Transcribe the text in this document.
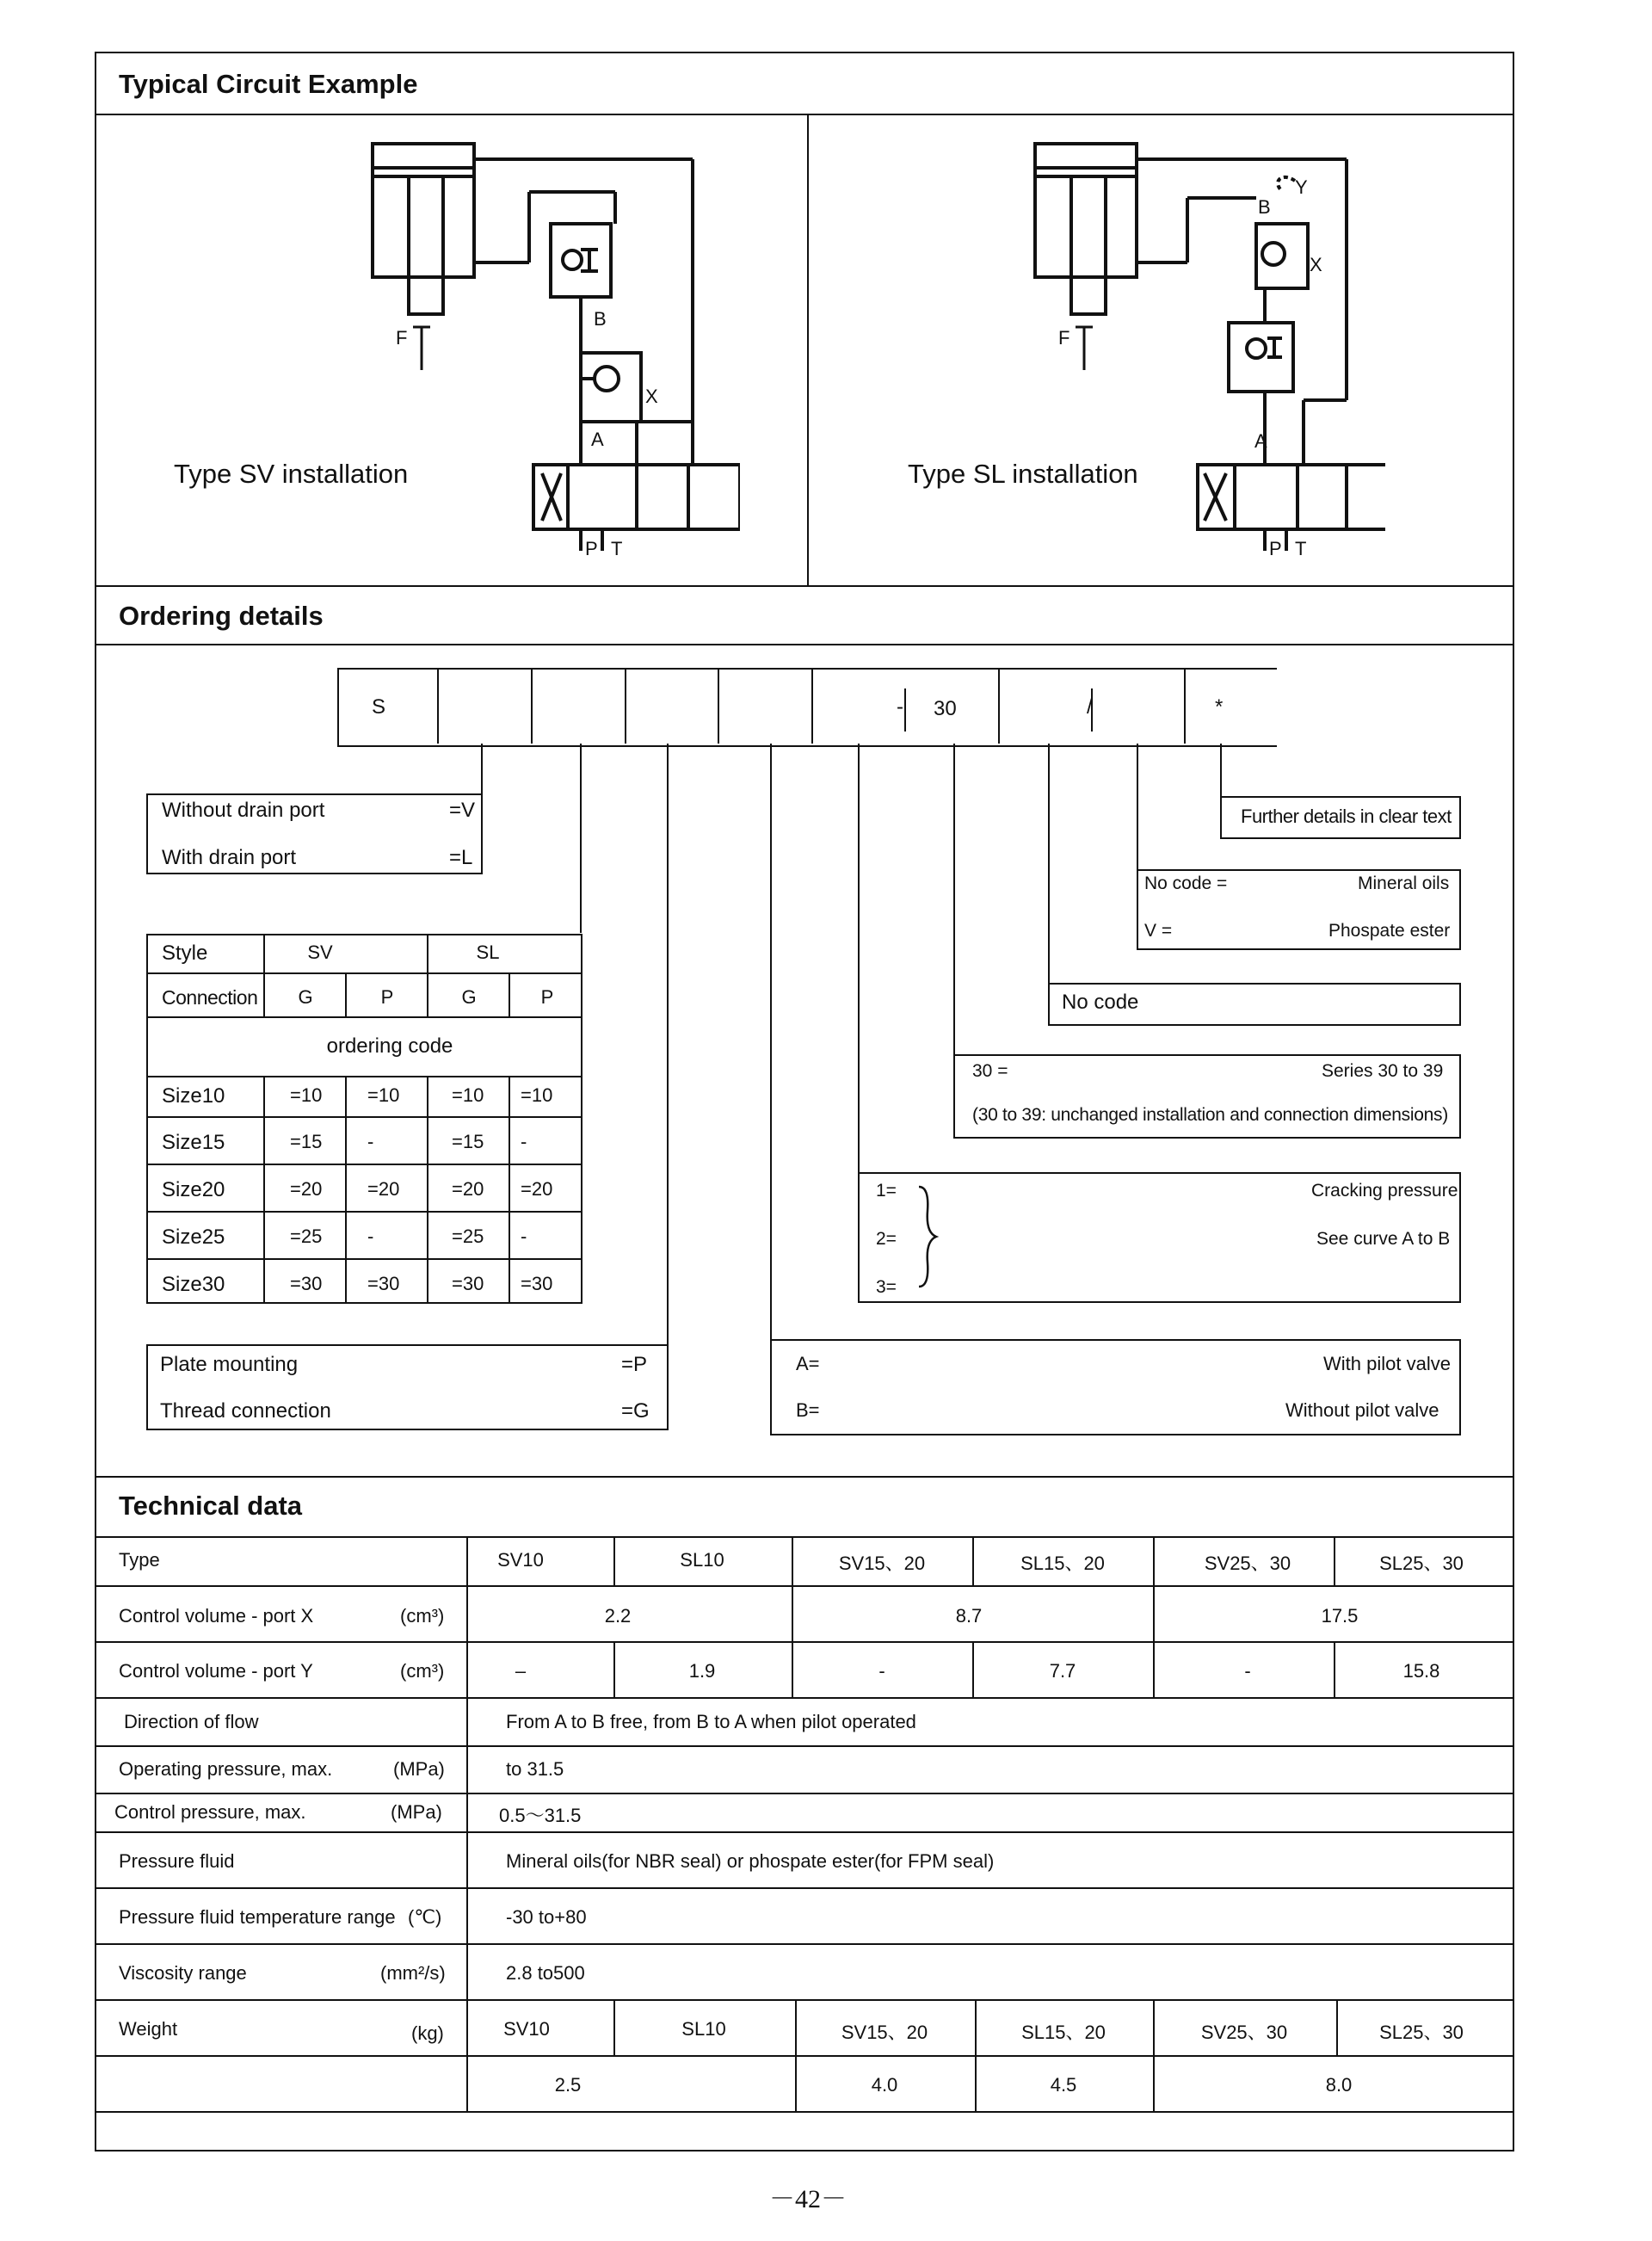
Typical Circuit Example
Type SV installation	Type SL installation
B
X
A
P T
F
B
Y
X
A
P T
F
Ordering details
S	- 30	/	*
Without drain port	=V
With drain port	=L
Style	SV	SL
Connection G	P	G	P
ordering code
Size10	=10 =10	=10 =10
Size15	=15 -	=15 -
Size20	=20 =20	=20 =20
Size25	=25 -	=25 -
Size30	=30 =30	=30 =30
Plate mounting	=P
Thread connection	=G
Further details in clear text
No code =	Mineral oils
V =	Phospate ester
No code
30 =	Series 30 to 39
(30 to 39: unchanged installation and connection dimensions)
1=
2=
3=
Cracking pressure
See curve A to B
A=	With pilot valve
B=	Without pilot valve
Technical data
Type	SV10	SL10	SV15、20	SL15、20	SV25、30	SL25、30
Control volume - port X	(cm³)	2.2	8.7	17.5
Control volume - port Y	(cm³)	–	1.9	-	7.7	-	15.8
Direction of flow	From A to B free, from B to A when pilot operated
Operating pressure, max.	(MPa)	to 31.5
Control pressure, max.	(MPa)	0.5～31.5
Pressure fluid	Mineral oils(for NBR seal) or phospate ester(for FPM seal)
Pressure fluid temperature range (℃)	-30 to+80
Viscosity range	(mm²/s)	2.8 to500
Weight	(kg)	SV10	SL10	SV15、20	SL15、20	SV25、30	SL25、30
2.5	4.0	4.5	8.0
－42－
